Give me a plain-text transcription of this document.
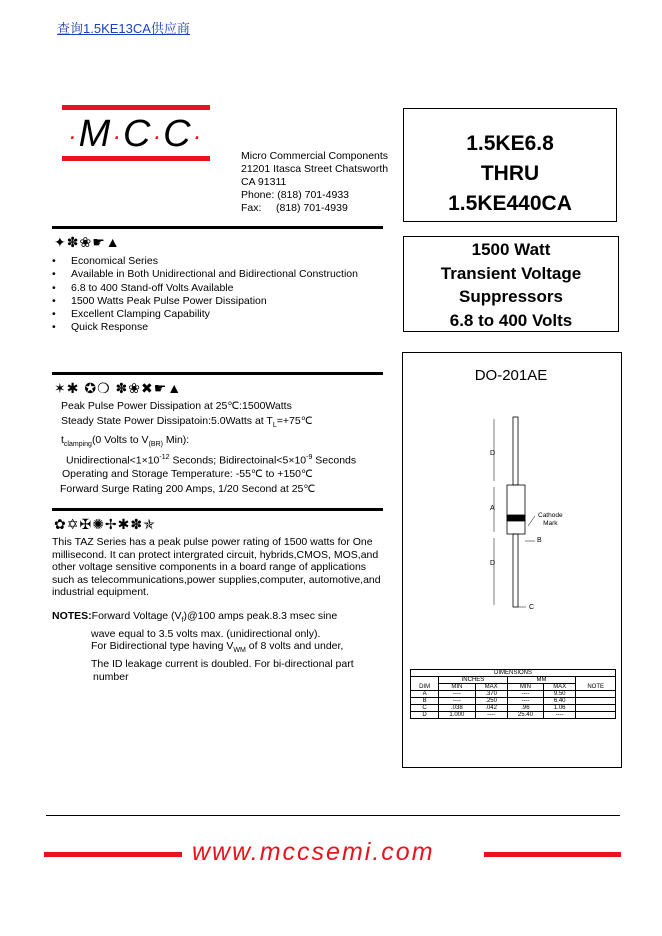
查询1.5KE13CA供应商
·M·C·C·
Micro Commercial Components
21201 Itasca Street Chatsworth
CA 91311
Phone: (818) 701-4933
Fax:     (818) 701-4939
1.5KE6.8
THRU
1.5KE440CA
1500 Watt
Transient Voltage
Suppressors
6.8 to 400 Volts
✦✽❀☛▲
• Economical Series
• Available in Both Unidirectional and Bidirectional Construction
• 6.8 to 400 Stand-off Volts Available
• 1500 Watts Peak Pulse Power Dissipation
• Excellent Clamping Capability
• Quick Response
✶✱ ✪❍ ✽❀✖☛▲
Peak Pulse Power Dissipation at 25℃:1500Watts
Steady State Power Dissipatoin:5.0Watts at $T_L=+75℃$
$t_{clamping}(0$ Volts to $V_{(BR)}$ Min):
$Unidirectional<1\times 10^{-12}$ Seconds; $Bidirectoinal<5\times 10^{-9}$ Seconds
Operating and Storage Temperature: -55℃ to +150℃
Forward Surge Rating 200 Amps, 1/20 Second at 25℃
✿✡✠✺✢✱✽✯
This TAZ Series has a peak pulse power rating of 1500 watts for One millisecond. It can protect intergrated circuit, hybrids,CMOS, MOS,and other voltage sensitive components in a board range of applications such as telecommunications,power supplies,computer, automotive,and industrial equipment.
NOTES:Forward Voltage $(V_f)@100$ amps peak.8.3 msec sine
wave equal to 3.5 volts max. (unidirectional only).
For Bidirectional type having $V_{WM}$ of 8 volts and under,
The ID leakage current is doubled. For bi-directional part
number
DO-201AE
D
A
D
Cathode
Mark
B
C
DIMENSIONS					
	INCHES		MM		
DIM	MIN	MAX	MIN	MAX	NOTE
A	----	.370	----	9.50	
B	----	.250	----	6.40	
C	.038	.042	.96	1.06	
D	1.000	----	25.40	----	
www.mccsemi.com
